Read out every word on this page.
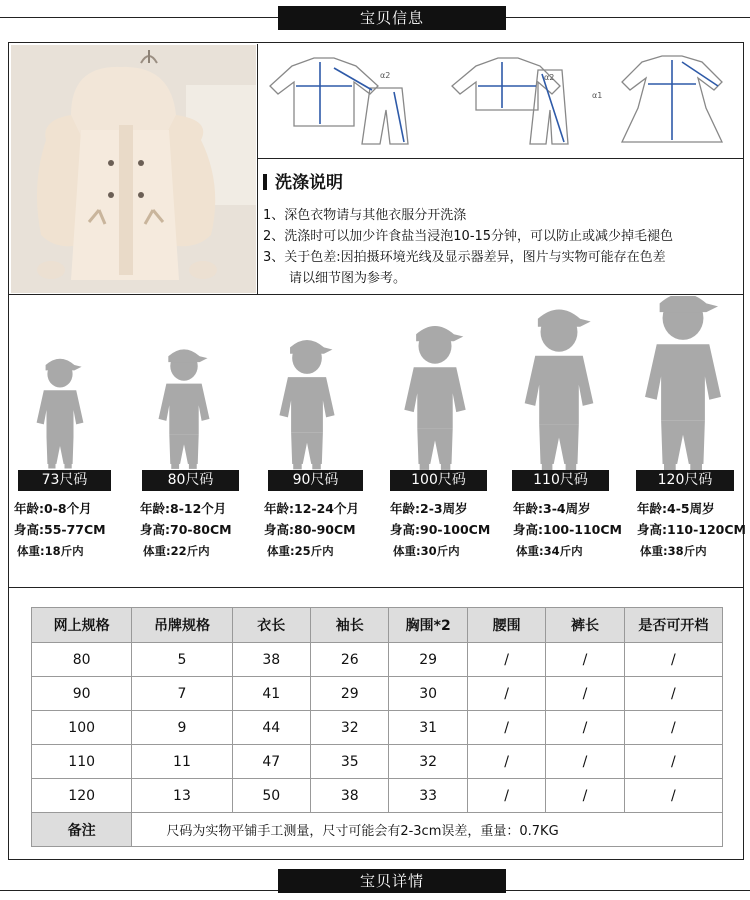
宝贝信息
α2	α2
α1
洗涤说明
1、深色衣物请与其他衣服分开洗涤
2、洗涤时可以加少许食盐当浸泡10-15分钟，可以防止或减少掉毛褪色
3、关于色差:因拍摄环境光线及显示器差异，图片与实物可能存在色差
请以细节图为参考。
73尺码	80尺码	90尺码	100尺码	110尺码	120尺码
年龄:0-8个月
身高:55-77CM
体重:18斤内
年龄:8-12个月
身高:70-80CM
体重:22斤内
年龄:12-24个月
身高:80-90CM
体重:25斤内
年龄:2-3周岁
身高:90-100CM
体重:30斤内
年龄:3-4周岁
身高:100-110CM
体重:34斤内
年龄:4-5周岁
身高:110-120CM
体重:38斤内
网上规格	吊牌规格	衣长	袖长	胸围*2	腰围	裤长	是否可开档
80	5	38	26	29	/	/	/
90	7	41	29	30	/	/	/
100	9	44	32	31	/	/	/
110	11	47	35	32	/	/	/
120	13	50	38	33	/	/	/
备注	尺码为实物平铺手工测量，尺寸可能会有2-3cm误差，重量：0.7KG						
宝贝详情
